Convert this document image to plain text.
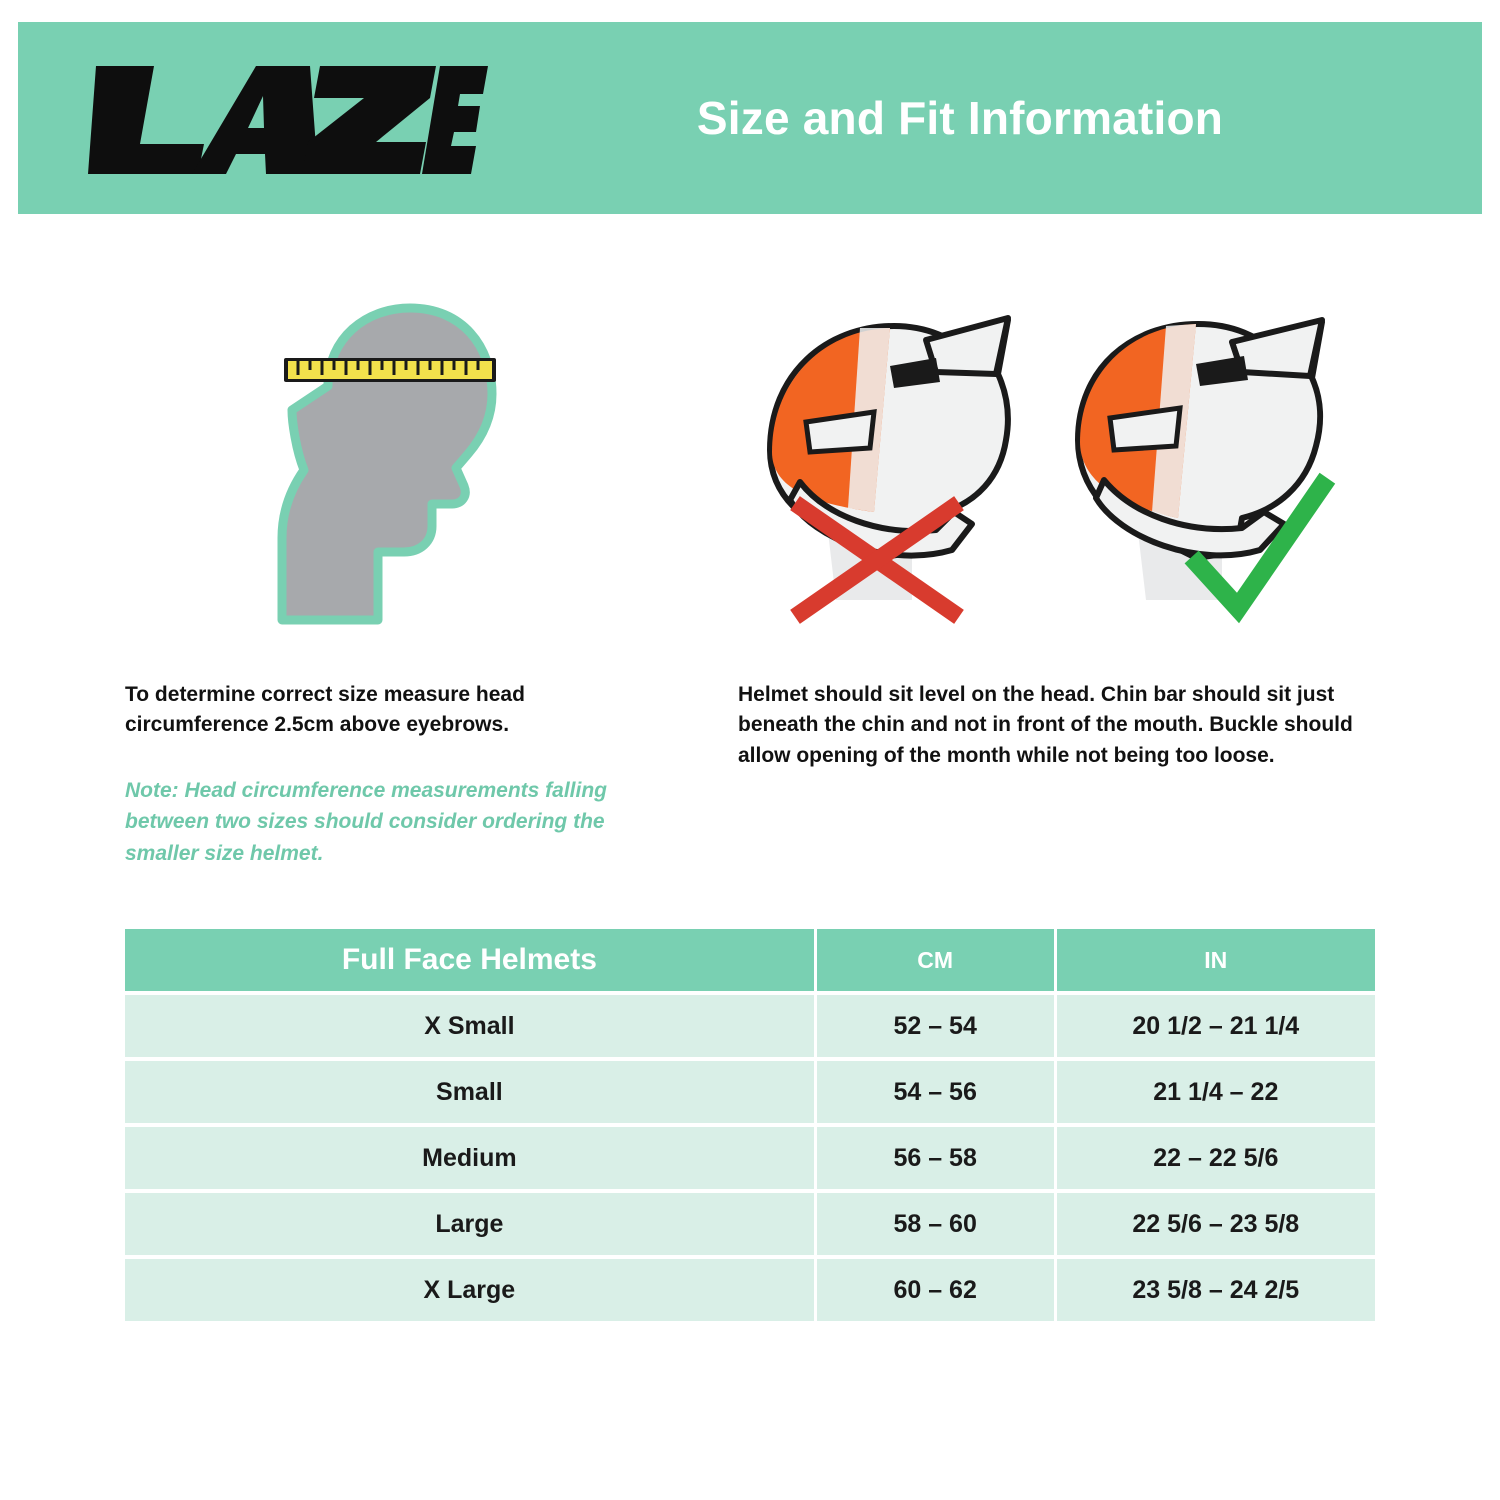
Size and Fit Information

To determine correct size measure head circumference 2.5cm above eyebrows.

Note: Head circumference measurements falling between two sizes should consider ordering the smaller size helmet.

Helmet should sit level on the head. Chin bar should sit just beneath the chin and not in front of the mouth. Buckle should allow opening of the month while not being too loose.

Full Face Helmets	CM	IN
X Small	52 – 54	20 1/2 – 21 1/4
Small	54 – 56	21 1/4 – 22
Medium	56 – 58	22 – 22 5/6
Large	58 – 60	22 5/6 – 23 5/8
X Large	60 – 62	23 5/8 – 24 2/5
